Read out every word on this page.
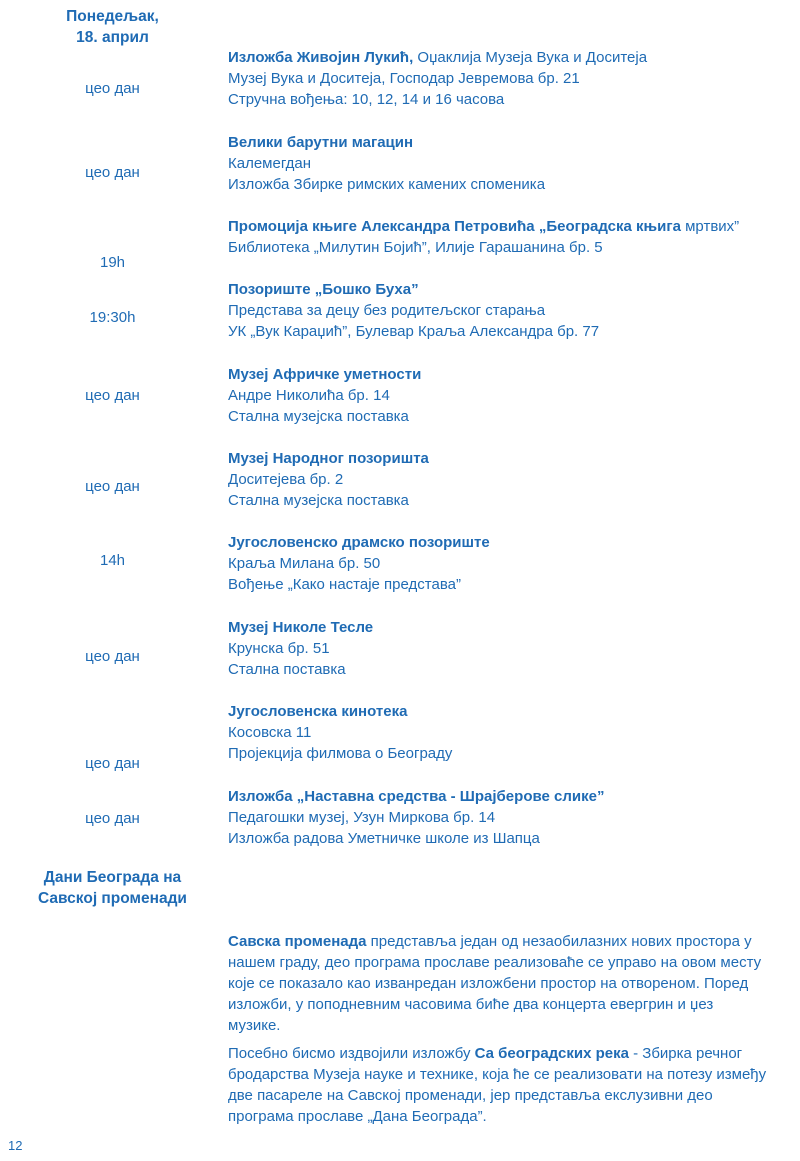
Понедељак,
18. април
цео дан
Изложба Живојин Лукић, Оџаклија Музеја Вука и Доситеја
Музеј Вука и Доситеја, Господар Јевремова бр. 21
Стручна вођења: 10, 12, 14 и 16 часова
цео дан
Велики барутни магацин
Калемегдан
Изложба Збирке римских камених споменика
19h
Промоција књиге Александра Петровића „Београдска књига мртвих”
Библиотека „Милутин Бојић”, Илије Гарашанина бр. 5
19:30h
Позориште „Бошко Буха”
Представа за децу без родитељског старања
УК „Вук Караџић”, Булевар Краља Александра бр. 77
цео дан
Музеј Афричке уметности
Андре Николића бр. 14
Стална музејска поставка
цео дан
Музеј Народног позоришта
Доситејева бр. 2
Стална музејска поставка
14h
Југословенско драмско позориште
Краља Милана бр. 50
Вођење „Како настаје представа”
цео дан
Музеј Николе Тесле
Крунска бр. 51
Стална поставка
цео дан
Југословенска кинотека
Косовска 11
Пројекција филмова о Београду
цео дан
Изложба „Наставна средства - Шрајберове слике”
Педагошки музеј, Узун Миркова бр. 14
Изложба радова Уметничке школе из Шапца
Дани Београда на
Савској променади
Савска променада представља један од незаобилазних нових простора у нашем граду, део програма прославе реализоваће се управо на овом месту које се показало као изванредан изложбени простор на отвореном. Поред изложби, у поподневним часовима биће два концерта евергрин и џез музике.
Посебно бисмо издвојили изложбу Са београдских река - Збирка речног бродарства Музеја науке и технике, која ће се реализовати на потезу између две пасареле на Савској променади, јер представља екслузивни део програма прославе „Дана Београда”.
12
